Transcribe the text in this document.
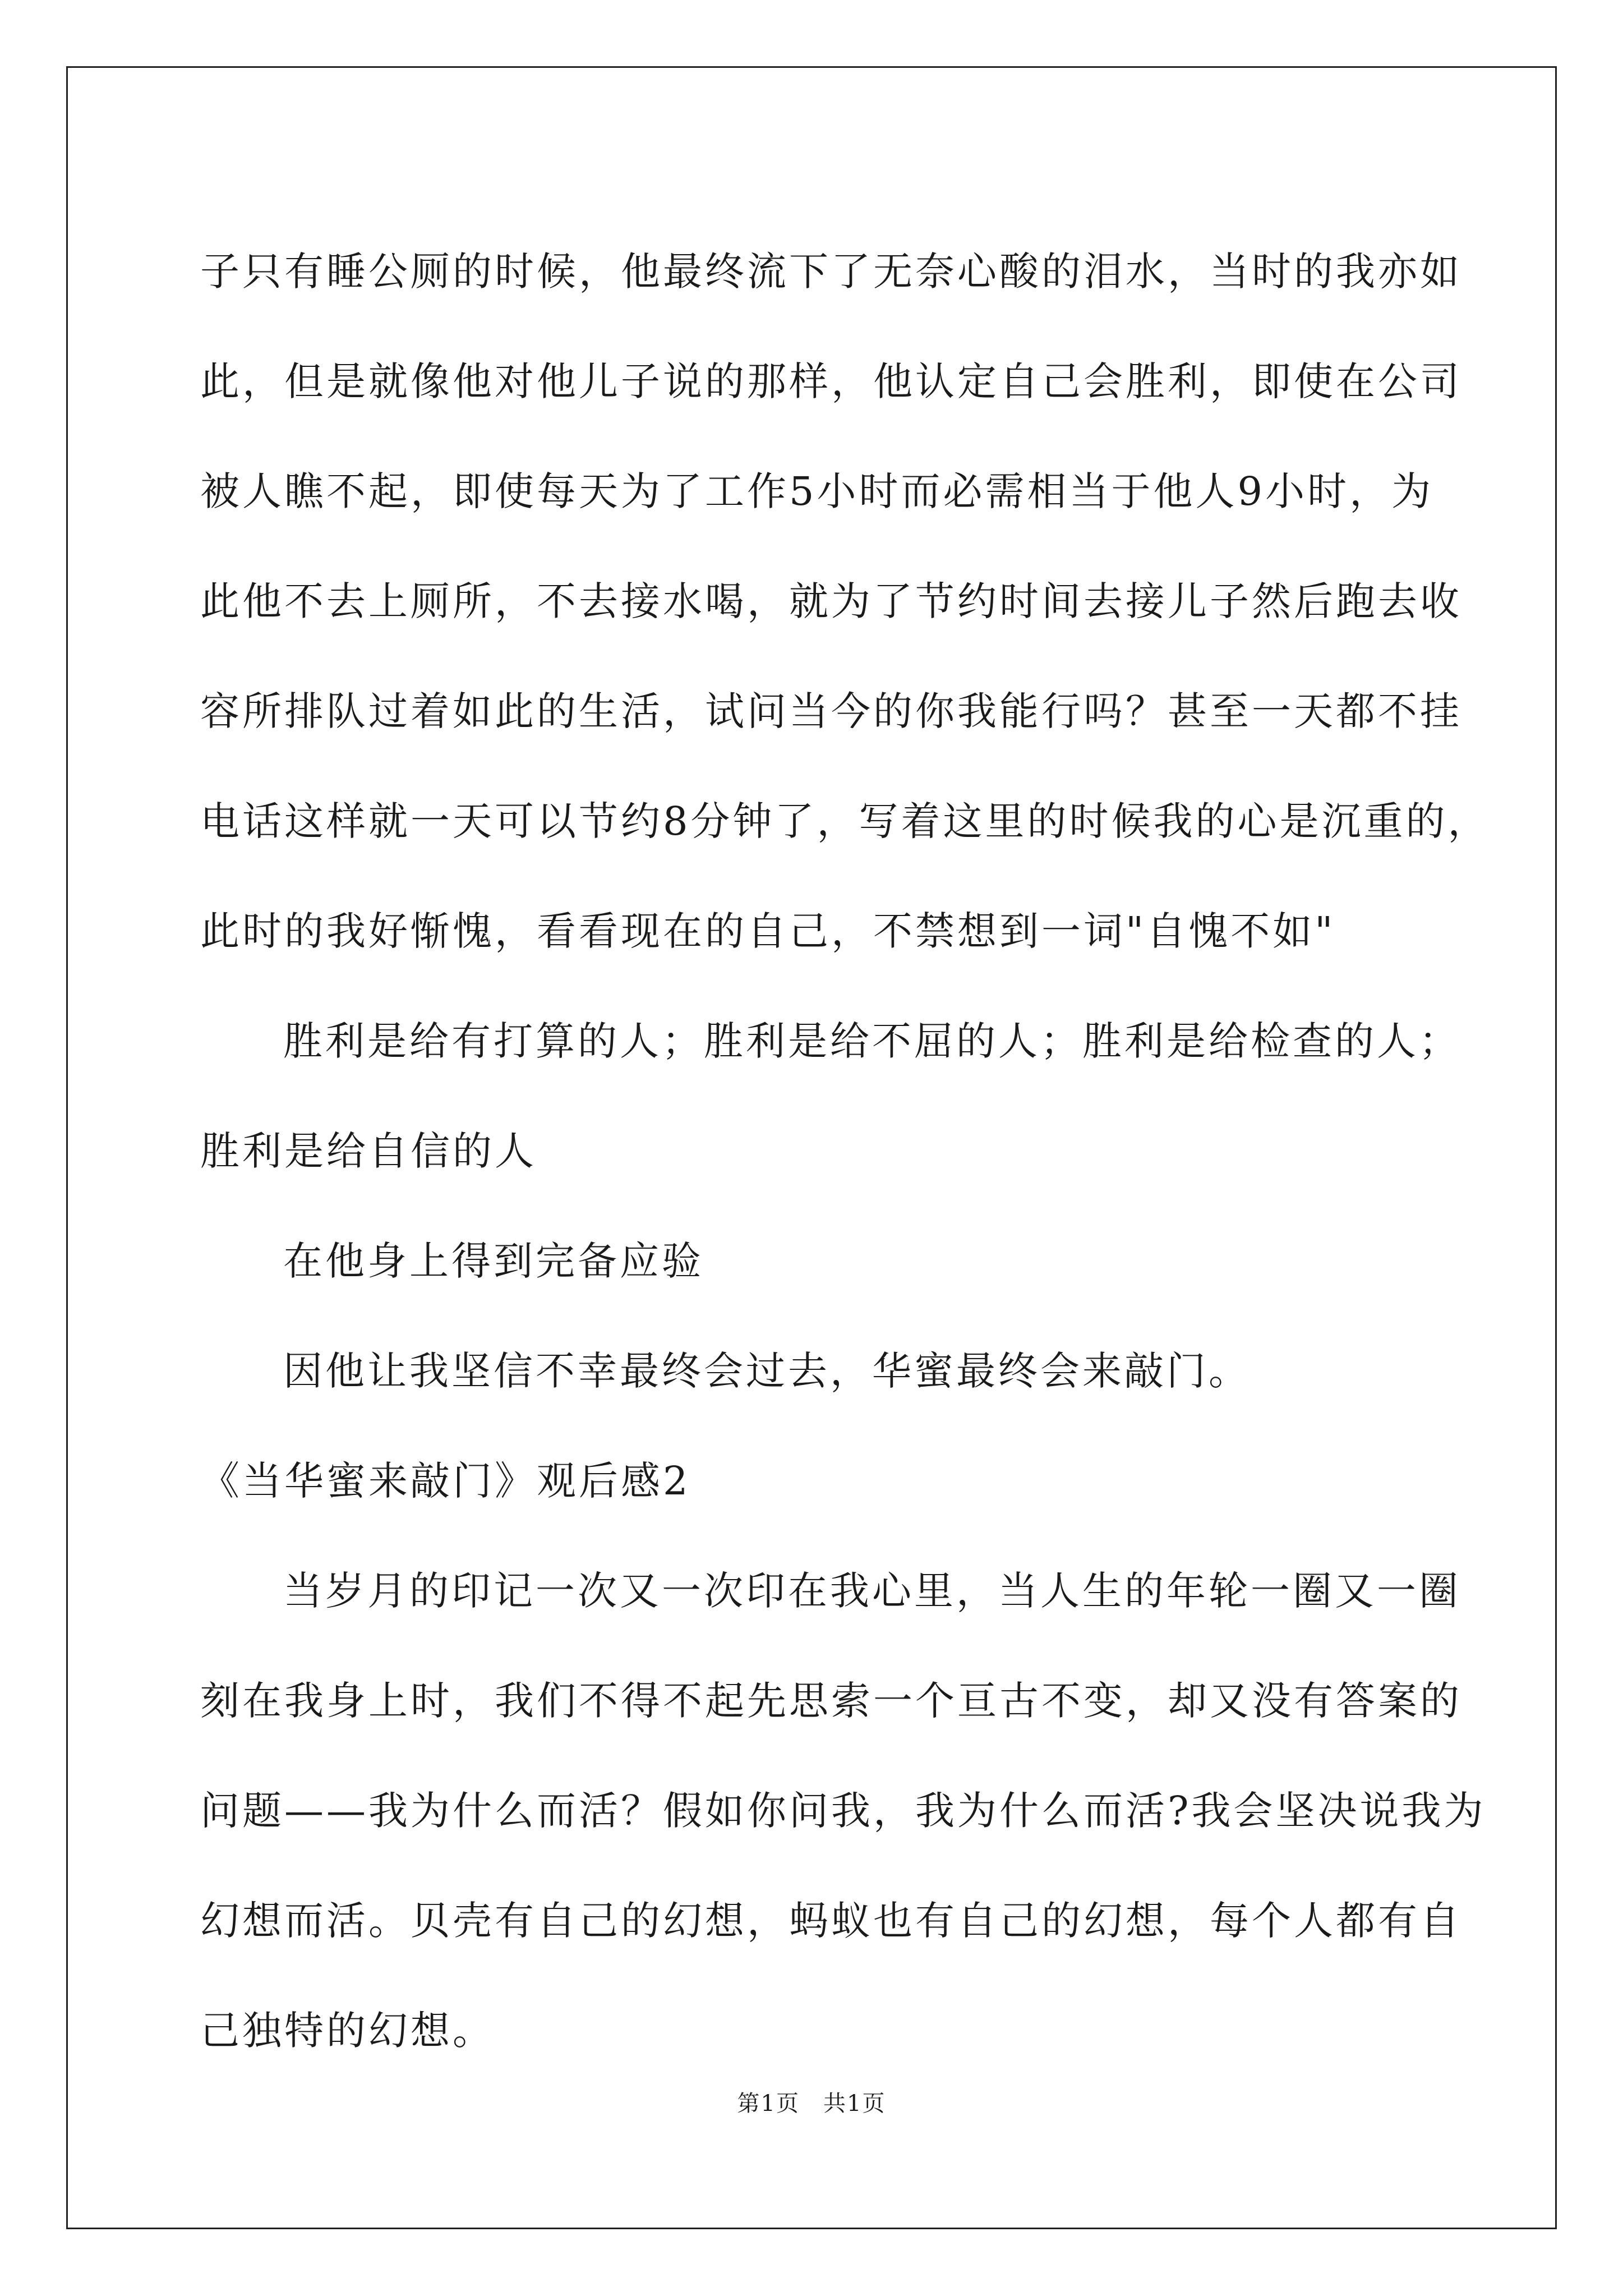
子只有睡公厕的时候，他最终流下了无奈心酸的泪水，当时的我亦如
此，但是就像他对他儿子说的那样，他认定自己会胜利，即使在公司
被人瞧不起，即使每天为了工作5小时而必需相当于他人9小时，为
此他不去上厕所，不去接水喝，就为了节约时间去接儿子然后跑去收
容所排队过着如此的生活，试问当今的你我能行吗？甚至一天都不挂
电话这样就一天可以节约8分钟了，写着这里的时候我的心是沉重的，
此时的我好惭愧，看看现在的自己，不禁想到一词"自愧不如"
胜利是给有打算的人；胜利是给不屈的人；胜利是给检查的人；
胜利是给自信的人
在他身上得到完备应验
因他让我坚信不幸最终会过去，华蜜最终会来敲门。
《当华蜜来敲门》观后感2
当岁月的印记一次又一次印在我心里，当人生的年轮一圈又一圈
刻在我身上时，我们不得不起先思索一个亘古不变，却又没有答案的
问题——我为什么而活？假如你问我，我为什么而活?我会坚决说我为
幻想而活。贝壳有自己的幻想，蚂蚁也有自己的幻想，每个人都有自
己独特的幻想。
第1页　共1页
